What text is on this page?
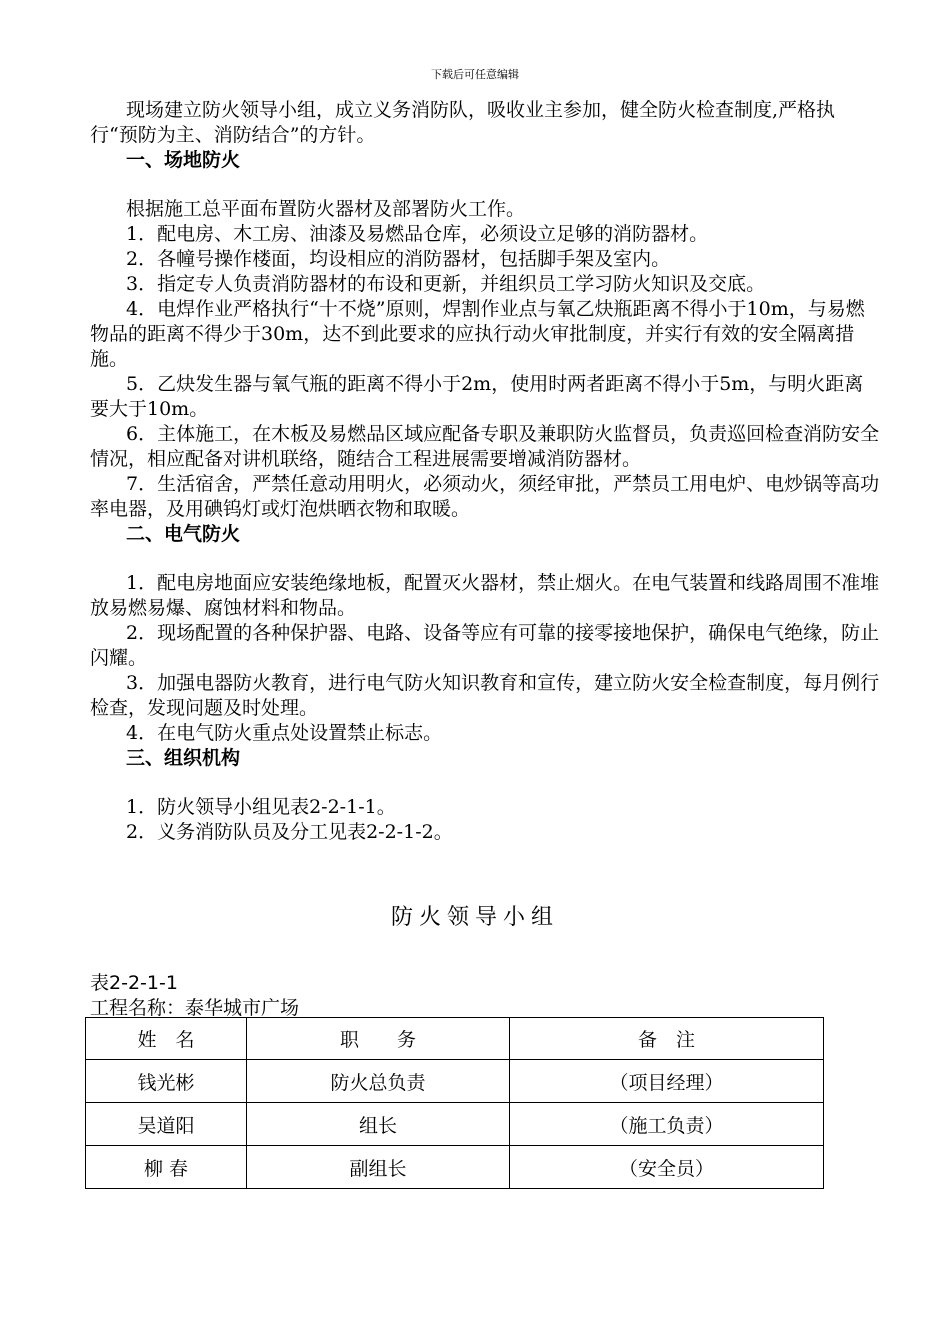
下载后可任意编辑

现场建立防火领导小组，成立义务消防队，吸收业主参加，健全防火检查制度,严格执行“预防为主、消防结合”的方针。

一、场地防火

根据施工总平面布置防火器材及部署防火工作。

1．配电房、木工房、油漆及易燃品仓库，必须设立足够的消防器材。

2．各幢号操作楼面，均设相应的消防器材，包括脚手架及室内。

3．指定专人负责消防器材的布设和更新，并组织员工学习防火知识及交底。

4．电焊作业严格执行“十不烧”原则，焊割作业点与氧乙炔瓶距离不得小于10m，与易燃物品的距离不得少于30m，达不到此要求的应执行动火审批制度，并实行有效的安全隔离措施。

5．乙炔发生器与氧气瓶的距离不得小于2m，使用时两者距离不得小于5m，与明火距离要大于10m。

6．主体施工，在木板及易燃品区域应配备专职及兼职防火监督员，负责巡回检查消防安全情况，相应配备对讲机联络，随结合工程进展需要增减消防器材。

7．生活宿舍，严禁任意动用明火，必须动火，须经审批，严禁员工用电炉、电炒锅等高功率电器，及用碘钨灯或灯泡烘晒衣物和取暖。

二、电气防火

1．配电房地面应安装绝缘地板，配置灭火器材，禁止烟火。在电气装置和线路周围不准堆放易燃易爆、腐蚀材料和物品。

2．现场配置的各种保护器、电路、设备等应有可靠的接零接地保护，确保电气绝缘，防止闪耀。

3．加强电器防火教育，进行电气防火知识教育和宣传，建立防火安全检查制度，每月例行检查，发现问题及时处理。

4．在电气防火重点处设置禁止标志。

三、组织机构

1．防火领导小组见表2-2-1-1。

2．义务消防队员及分工见表2-2-1-2。

防火领导小组
表2-2-1-1
工程名称：泰华城市广场
姓　名	职　　务	备　注
钱光彬	防火总负责	（项目经理）
吴道阳	组长	（施工负责）
柳 春	副组长	（安全员）
